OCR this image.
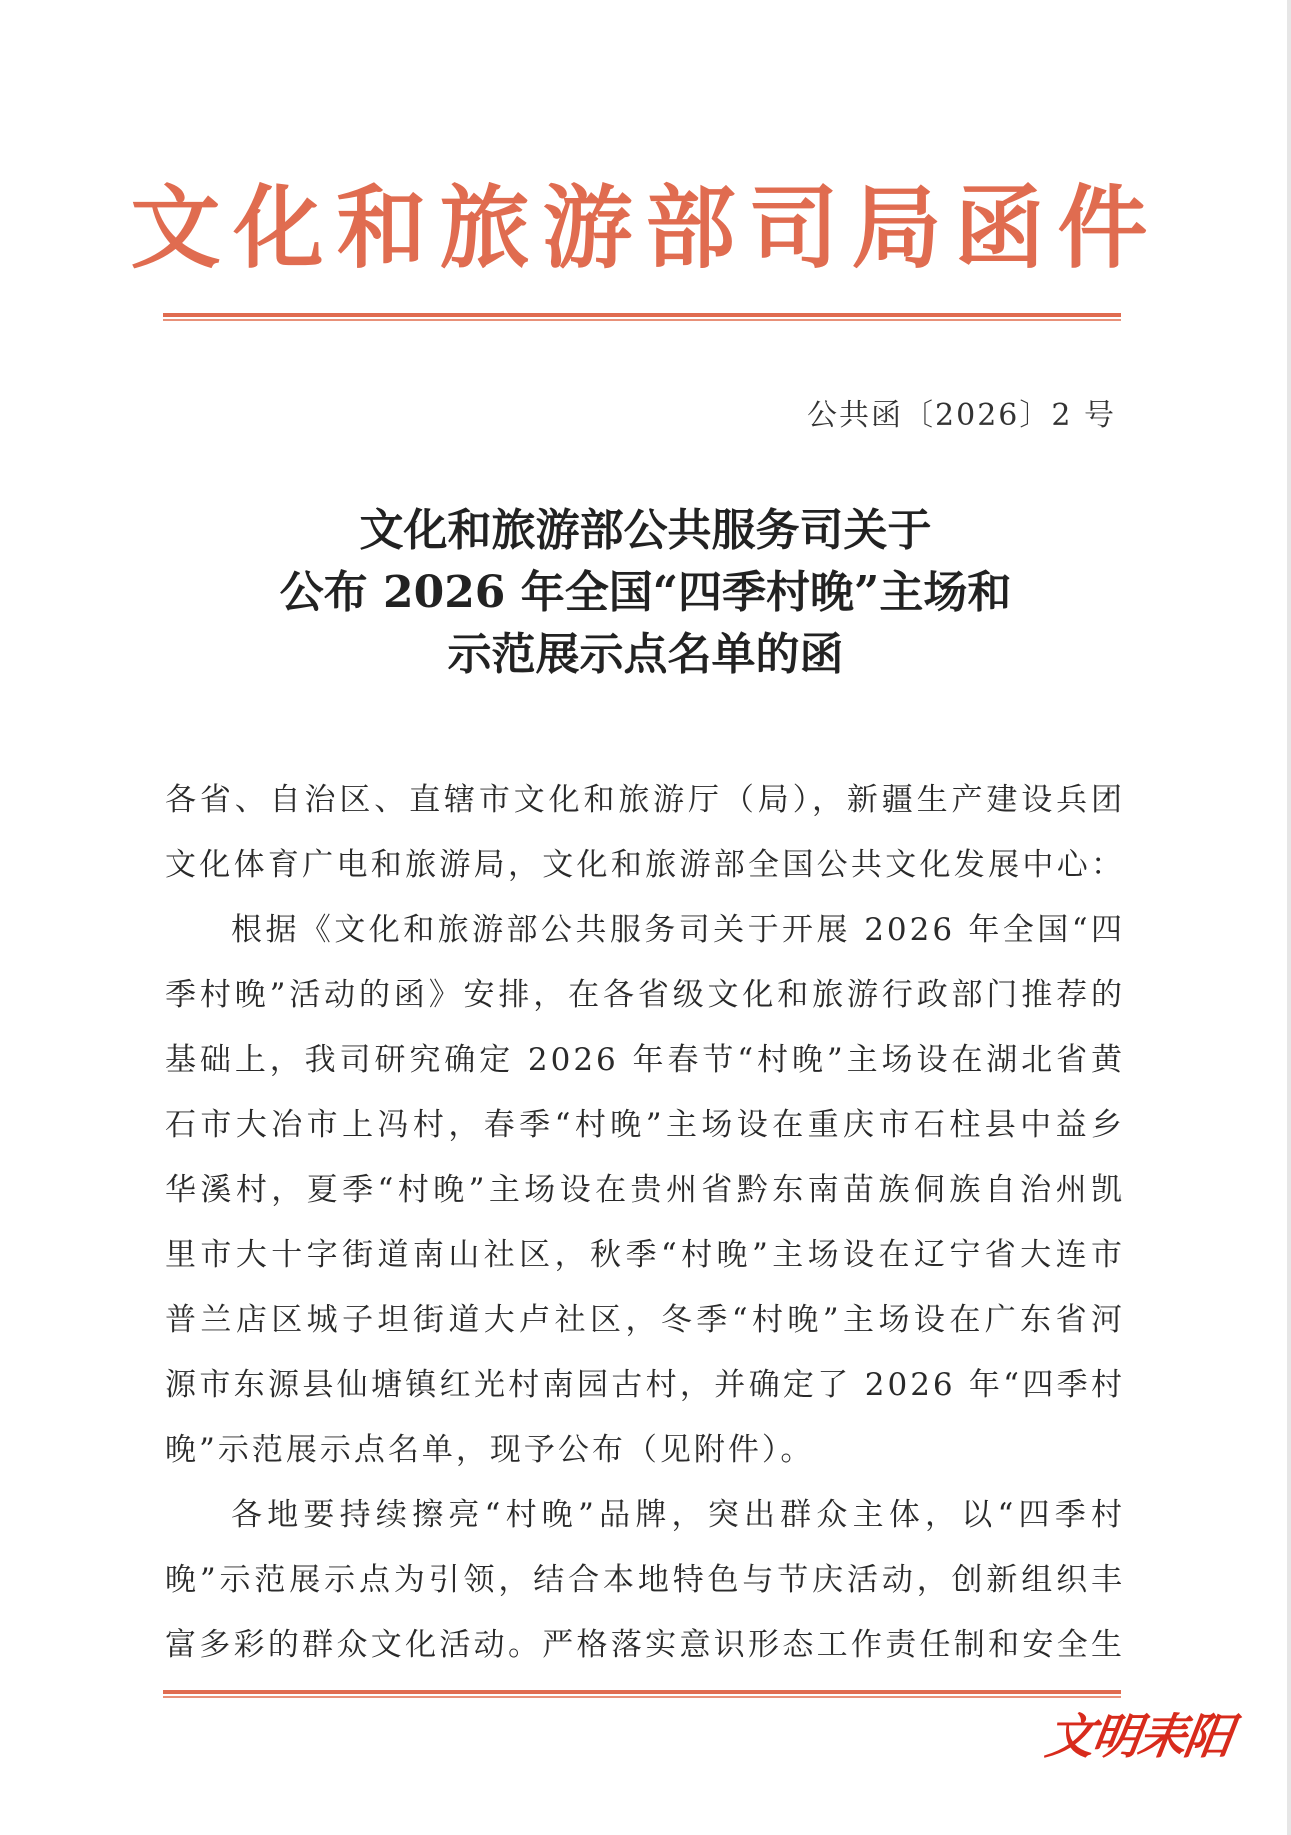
文化和旅游部司局函件
公共函〔2026〕2 号
文化和旅游部公共服务司关于
公布 2026 年全国“四季村晚”主场和
示范展示点名单的函
各省、自治区、直辖市文化和旅游厅（局），新疆生产建设兵团
文化体育广电和旅游局，文化和旅游部全国公共文化发展中心：
根据《文化和旅游部公共服务司关于开展 2026 年全国“四
季村晚”活动的函》安排，在各省级文化和旅游行政部门推荐的
基础上，我司研究确定 2026 年春节“村晚”主场设在湖北省黄
石市大冶市上冯村，春季“村晚”主场设在重庆市石柱县中益乡
华溪村，夏季“村晚”主场设在贵州省黔东南苗族侗族自治州凯
里市大十字街道南山社区，秋季“村晚”主场设在辽宁省大连市
普兰店区城子坦街道大卢社区，冬季“村晚”主场设在广东省河
源市东源县仙塘镇红光村南园古村，并确定了 2026 年“四季村
晚”示范展示点名单，现予公布（见附件）。
各地要持续擦亮“村晚”品牌，突出群众主体，以“四季村
晚”示范展示点为引领，结合本地特色与节庆活动，创新组织丰
富多彩的群众文化活动。严格落实意识形态工作责任制和安全生
文明耒阳
